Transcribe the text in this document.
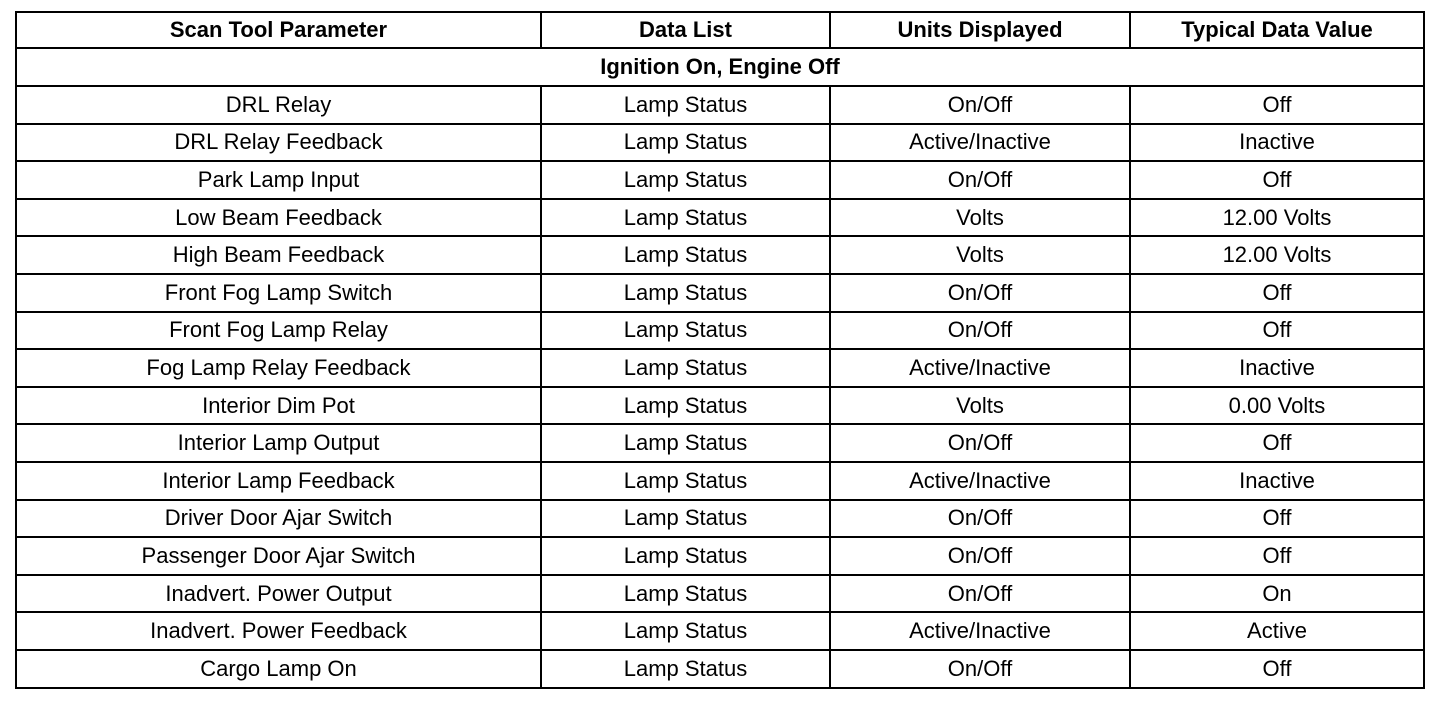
Scan Tool Parameter	Data List	Units Displayed	Typical Data Value
Ignition On, Engine Off			
DRL Relay	Lamp Status	On/Off	Off
DRL Relay Feedback	Lamp Status	Active/Inactive	Inactive
Park Lamp Input	Lamp Status	On/Off	Off
Low Beam Feedback	Lamp Status	Volts	12.00 Volts
High Beam Feedback	Lamp Status	Volts	12.00 Volts
Front Fog Lamp Switch	Lamp Status	On/Off	Off
Front Fog Lamp Relay	Lamp Status	On/Off	Off
Fog Lamp Relay Feedback	Lamp Status	Active/Inactive	Inactive
Interior Dim Pot	Lamp Status	Volts	0.00 Volts
Interior Lamp Output	Lamp Status	On/Off	Off
Interior Lamp Feedback	Lamp Status	Active/Inactive	Inactive
Driver Door Ajar Switch	Lamp Status	On/Off	Off
Passenger Door Ajar Switch	Lamp Status	On/Off	Off
Inadvert. Power Output	Lamp Status	On/Off	On
Inadvert. Power Feedback	Lamp Status	Active/Inactive	Active
Cargo Lamp On	Lamp Status	On/Off	Off
